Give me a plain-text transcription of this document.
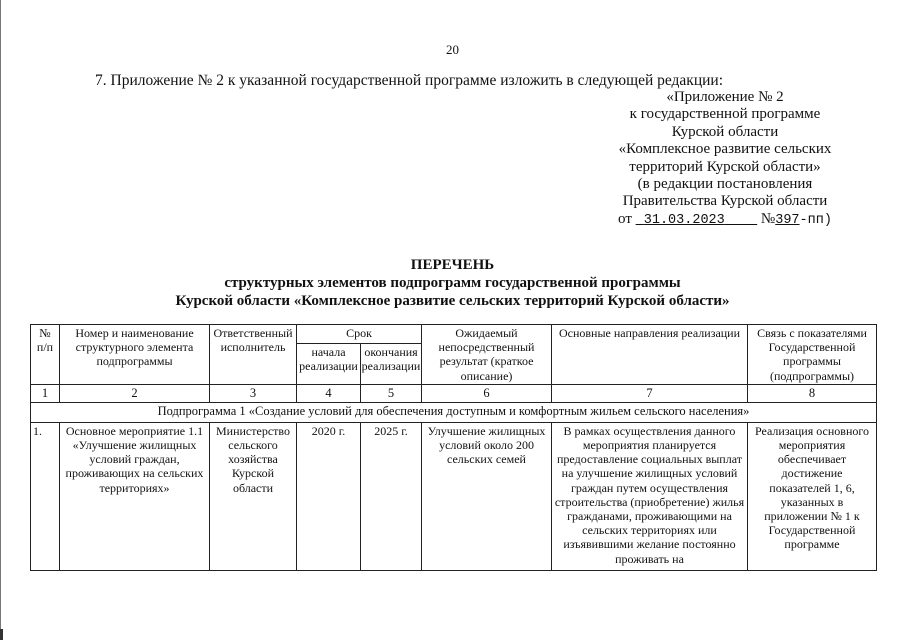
20
7. Приложение № 2 к указанной государственной программе изложить в следующей редакции:
«Приложение № 2
к государственной программе
Курской области
«Комплексное развитие сельских
территорий Курской области»
(в редакции постановления
Правительства Курской области
от 31.03.2023 №397-пп)
ПЕРЕЧЕНЬ
структурных элементов подпрограмм государственной программы
Курской области «Комплексное развитие сельских территорий Курской области»
№ п/п	Номер и наименование структурного элемента подпрограммы	Ответственный исполнитель	Срок		Ожидаемый непосредственный результат (краткое описание)	Основные направления реализации	Связь с показателями Государственной программы (подпрограммы)
			начала реализации	окончания реализации			
1	2	3	4	5	6	7	8
Подпрограмма 1 «Создание условий для обеспечения доступным и комфортным жильем сельского населения»							
1.	Основное мероприятие 1.1 «Улучшение жилищных условий граждан, проживающих на сельских территориях»	Министерство сельского хозяйства Курской области	2020 г.	2025 г.	Улучшение жилищных условий около 200 сельских семей	В рамках осуществления данного мероприятия планируется предоставление социальных выплат на улучшение жилищных условий граждан путем осуществления строительства (приобретение) жилья гражданами, проживающими на сельских территориях или изъявившими желание постоянно проживать на	Реализация основного мероприятия обеспечивает достижение показателей 1, 6, указанных в приложении № 1 к Государственной программе
